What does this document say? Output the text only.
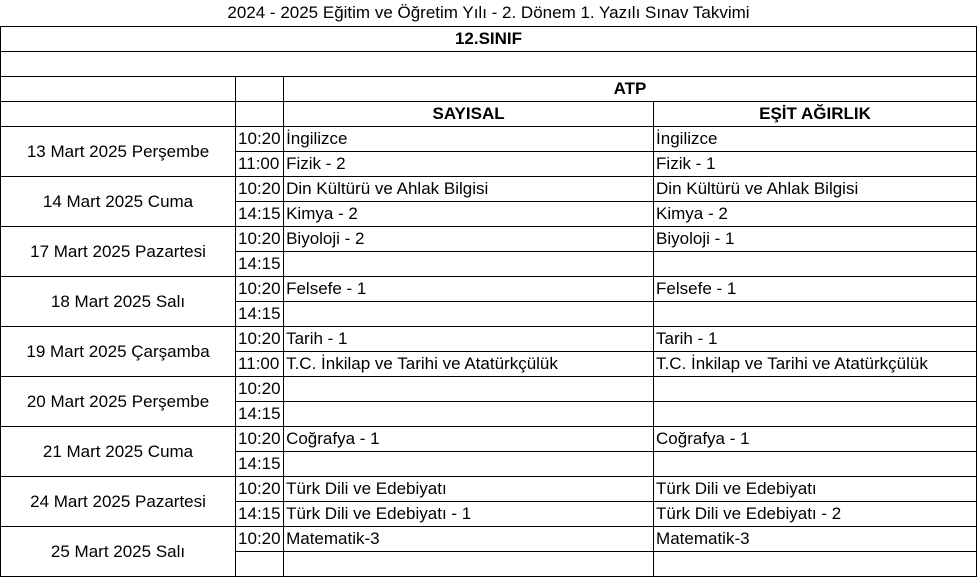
2024 - 2025 Eğitim ve Öğretim Yılı - 2. Dönem 1. Yazılı Sınav Takvimi			
12.SINIF			

		ATP	
		SAYISAL	EŞİT AĞIRLIK
13 Mart 2025 Perşembe	10:20	İngilizce	İngilizce
	11:00	Fizik - 2	Fizik - 1
14 Mart 2025 Cuma	10:20	Din Kültürü ve Ahlak Bilgisi	Din Kültürü ve Ahlak Bilgisi
	14:15	Kimya - 2	Kimya - 2
17 Mart 2025 Pazartesi	10:20	Biyoloji - 2	Biyoloji - 1
	14:15		
18 Mart 2025 Salı	10:20	Felsefe - 1	Felsefe - 1
	14:15		
19 Mart 2025 Çarşamba	10:20	Tarih - 1	Tarih - 1
	11:00	T.C. İnkilap ve Tarihi ve Atatürkçülük	T.C. İnkilap ve Tarihi ve Atatürkçülük
20 Mart 2025 Perşembe	10:20		
	14:15		
21 Mart 2025 Cuma	10:20	Coğrafya - 1	Coğrafya - 1
	14:15		
24 Mart 2025 Pazartesi	10:20	Türk Dili ve Edebiyatı	Türk Dili ve Edebiyatı
	14:15	Türk Dili ve Edebiyatı - 1	Türk Dili ve Edebiyatı - 2
25 Mart 2025 Salı	10:20	Matematik-3	Matematik-3
